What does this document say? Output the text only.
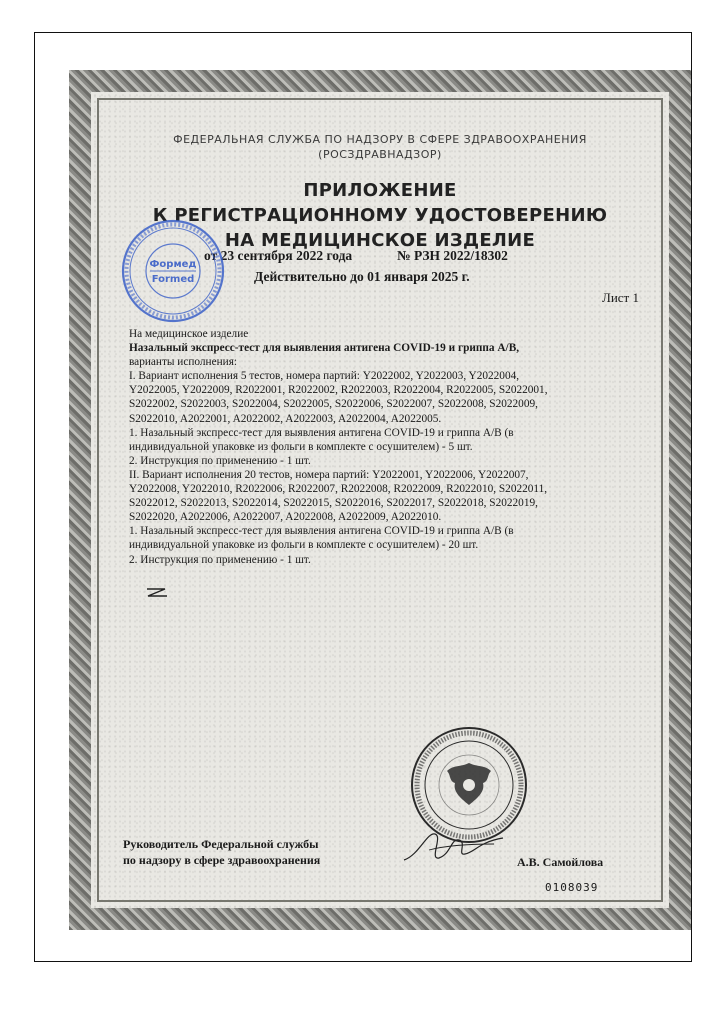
ФЕДЕРАЛЬНАЯ СЛУЖБА ПО НАДЗОРУ В СФЕРЕ ЗДРАВООХРАНЕНИЯ
(РОСЗДРАВНАДЗОР)
ПРИЛОЖЕНИЕ
К РЕГИСТРАЦИОННОМУ УДОСТОВЕРЕНИЮ
НА МЕДИЦИНСКОЕ ИЗДЕЛИЕ
от 23 сентября 2022 года	№ РЗН 2022/18302
Действительно до 01 января 2025 г.
Лист 1

На медицинское изделие

Назальный экспресс-тест для выявления антигена COVID-19 и гриппа A/B,

варианты исполнения:

I. Вариант исполнения 5 тестов, номера партий: Y2022002, Y2022003, Y2022004,

Y2022005, Y2022009, R2022001, R2022002, R2022003, R2022004, R2022005, S2022001,

S2022002, S2022003, S2022004, S2022005, S2022006, S2022007, S2022008, S2022009,

S2022010, A2022001, A2022002, A2022003, A2022004, A2022005.

1. Назальный экспресс-тест для выявления антигена COVID-19 и гриппа A/B (в

индивидуальной упаковке из фольги в комплекте с осушителем) - 5 шт.

2. Инструкция по применению - 1 шт.

II. Вариант исполнения 20 тестов, номера партий: Y2022001, Y2022006, Y2022007,

Y2022008, Y2022010, R2022006, R2022007, R2022008, R2022009, R2022010, S2022011,

S2022012, S2022013, S2022014, S2022015, S2022016, S2022017, S2022018, S2022019,

S2022020, A2022006, A2022007, A2022008, A2022009, A2022010.

1. Назальный экспресс-тест для выявления антигена COVID-19 и гриппа A/B (в

индивидуальной упаковке из фольги в комплекте с осушителем) - 20 шт.

2. Инструкция по применению - 1 шт.

Формед
Formed
Руководитель Федеральной службы
по надзору в сфере здравоохранения	А.В. Самойлова
0108039
